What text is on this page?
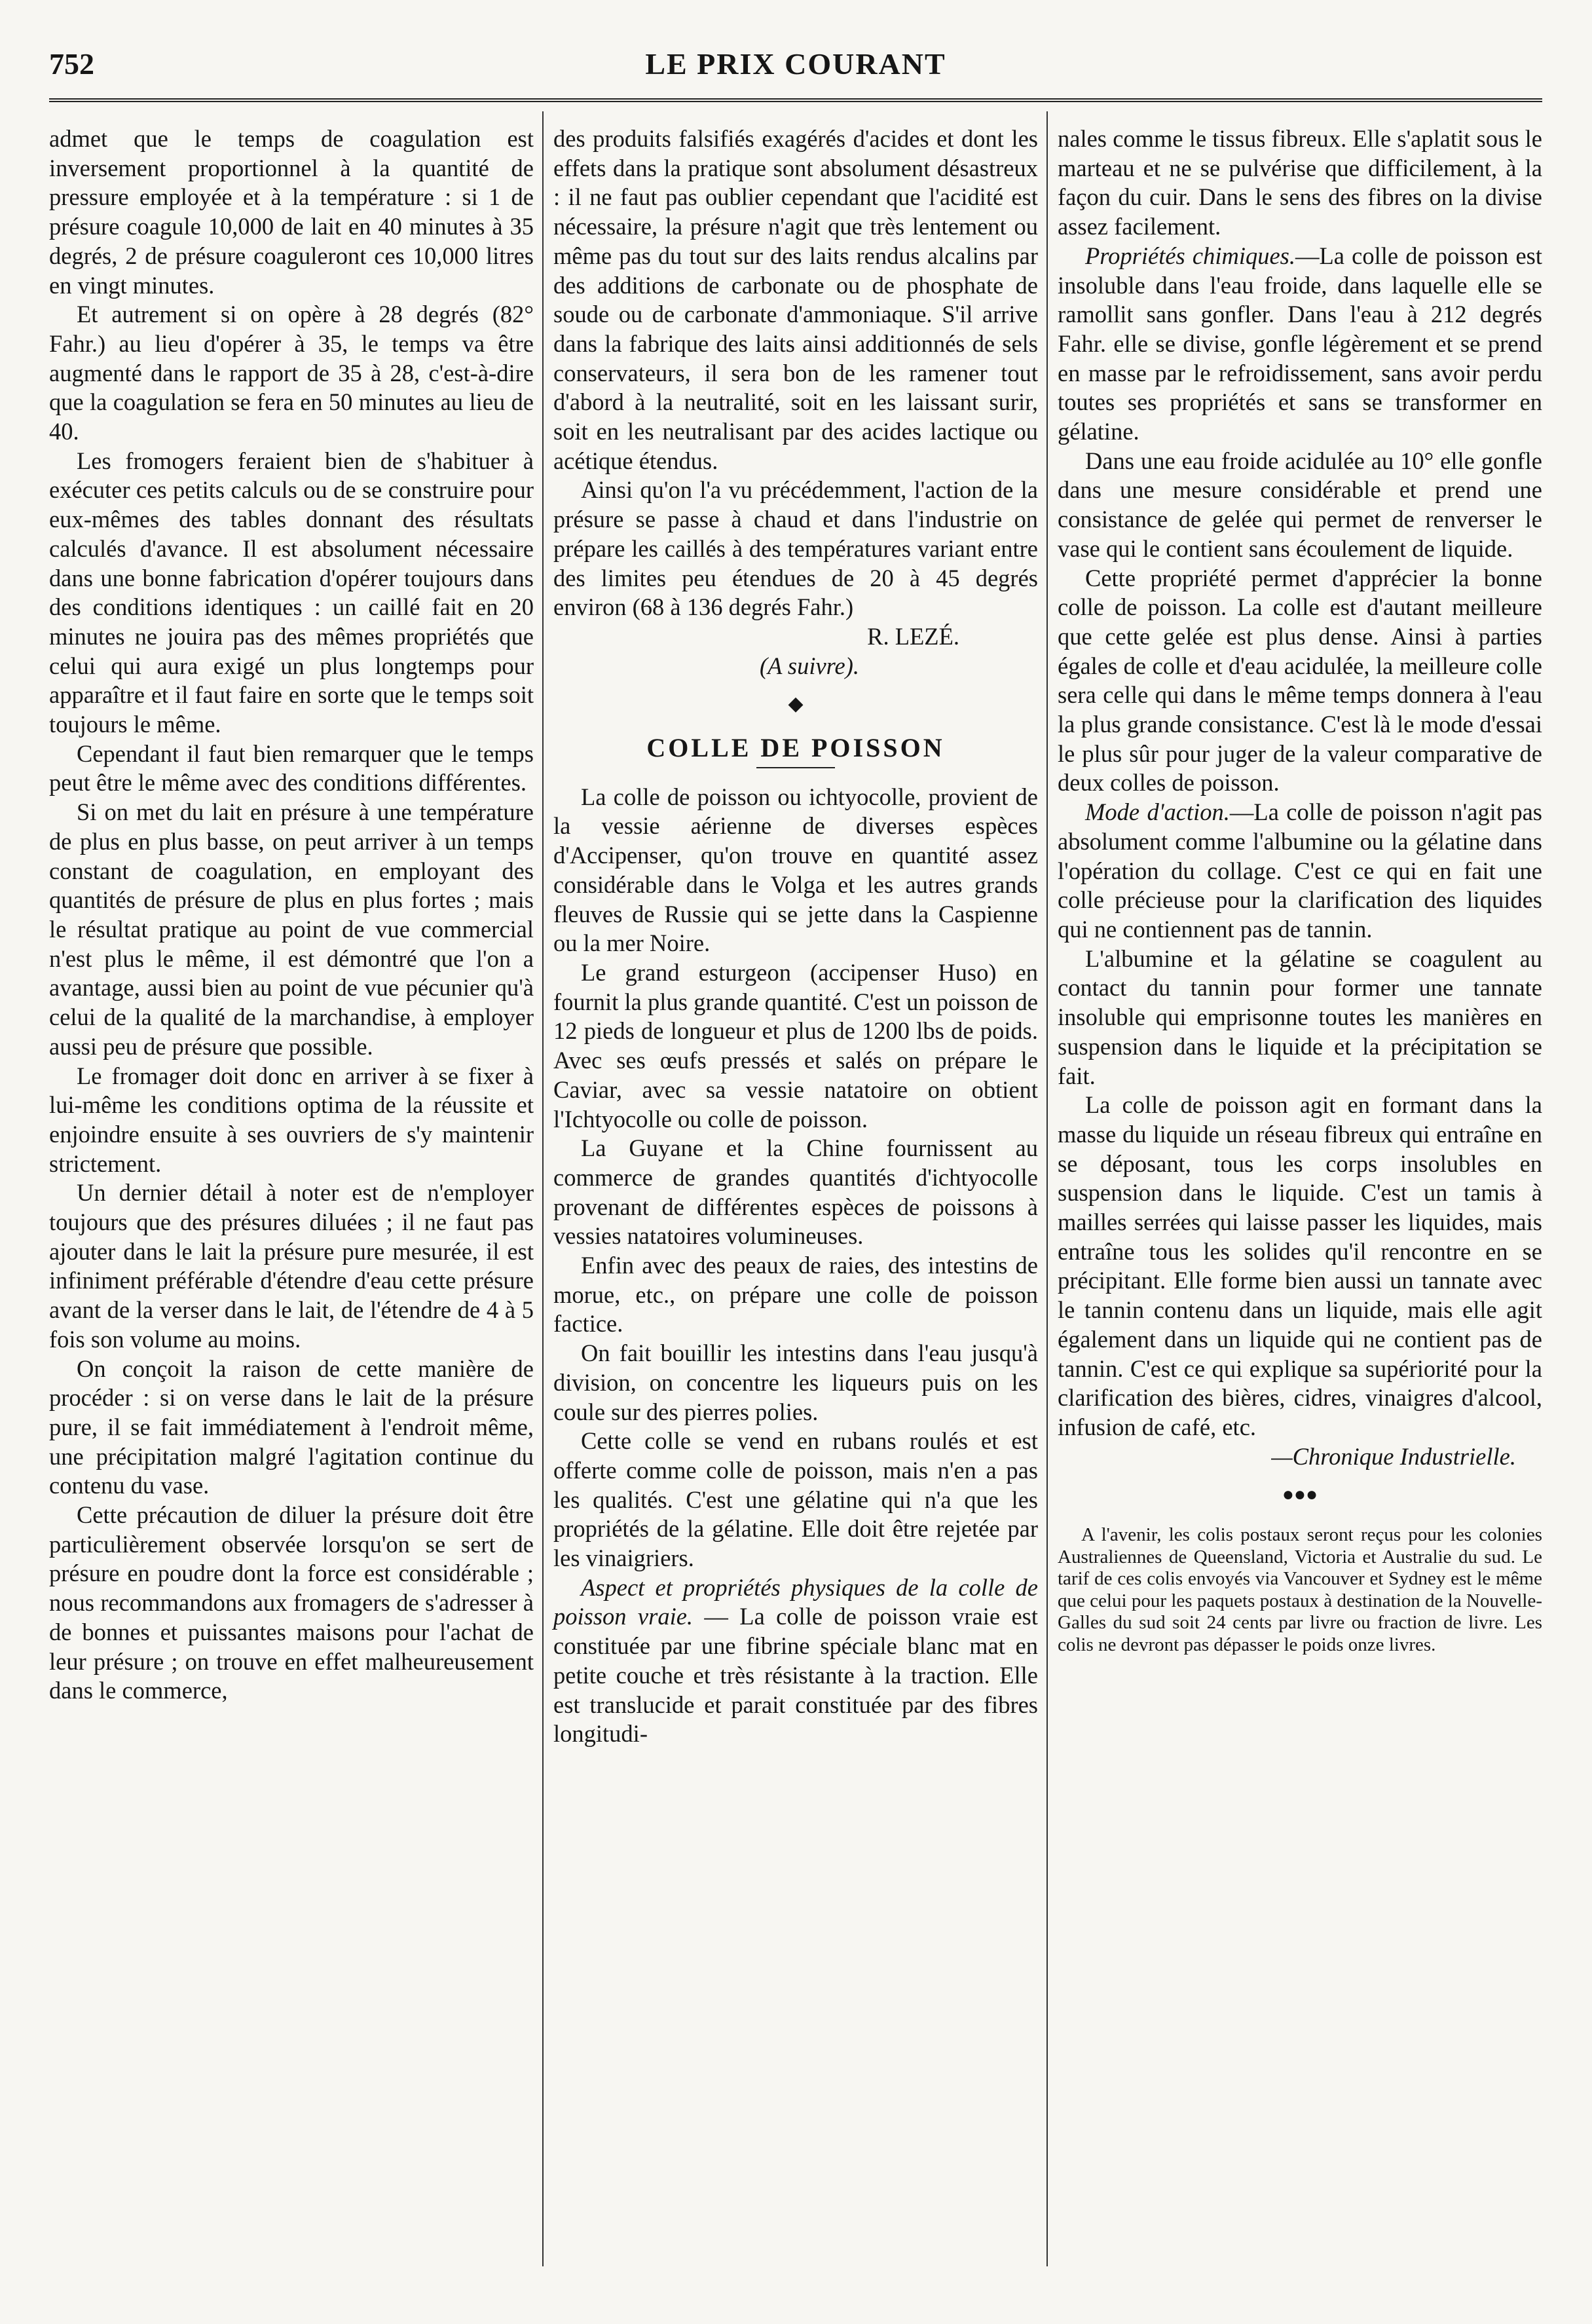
752	LE PRIX COURANT

admet que le temps de coagulation est inversement proportionnel à la quantité de pressure employée et à la température : si 1 de présure coagule 10,000 de lait en 40 minutes à 35 degrés, 2 de présure coaguleront ces 10,000 litres en vingt minutes.

Et autrement si on opère à 28 degrés (82° Fahr.) au lieu d'opérer à 35, le temps va être augmenté dans le rapport de 35 à 28, c'est-à-dire que la coagulation se fera en 50 minutes au lieu de 40.

Les fromogers feraient bien de s'habituer à exécuter ces petits calculs ou de se construire pour eux-mêmes des tables donnant des résultats calculés d'avance. Il est absolument nécessaire dans une bonne fabrication d'opérer toujours dans des conditions identiques : un caillé fait en 20 minutes ne jouira pas des mêmes propriétés que celui qui aura exigé un plus longtemps pour apparaître et il faut faire en sorte que le temps soit toujours le même.

Cependant il faut bien remarquer que le temps peut être le même avec des conditions différentes.

Si on met du lait en présure à une température de plus en plus basse, on peut arriver à un temps constant de coagulation, en employant des quantités de présure de plus en plus fortes ; mais le résultat pratique au point de vue commercial n'est plus le même, il est démontré que l'on a avantage, aussi bien au point de vue pécunier qu'à celui de la qualité de la marchandise, à employer aussi peu de présure que possible.

Le fromager doit donc en arriver à se fixer à lui-même les conditions optima de la réussite et enjoindre ensuite à ses ouvriers de s'y maintenir strictement.

Un dernier détail à noter est de n'employer toujours que des présures diluées ; il ne faut pas ajouter dans le lait la présure pure mesurée, il est infiniment préférable d'étendre d'eau cette présure avant de la verser dans le lait, de l'étendre de 4 à 5 fois son volume au moins.

On conçoit la raison de cette manière de procéder : si on verse dans le lait de la présure pure, il se fait immédiatement à l'endroit même, une précipitation malgré l'agitation continue du contenu du vase.

Cette précaution de diluer la présure doit être particulièrement observée lorsqu'on se sert de présure en poudre dont la force est considérable ; nous recommandons aux fromagers de s'adresser à de bonnes et puissantes maisons pour l'achat de leur présure ; on trouve en effet malheureusement dans le commerce,

des produits falsifiés exagérés d'acides et dont les effets dans la pratique sont absolument désastreux : il ne faut pas oublier cependant que l'acidité est nécessaire, la présure n'agit que très lentement ou même pas du tout sur des laits rendus alcalins par des additions de carbonate ou de phosphate de soude ou de carbonate d'ammoniaque. S'il arrive dans la fabrique des laits ainsi additionnés de sels conservateurs, il sera bon de les ramener tout d'abord à la neutralité, soit en les laissant surir, soit en les neutralisant par des acides lactique ou acétique étendus.

Ainsi qu'on l'a vu précédemment, l'action de la présure se passe à chaud et dans l'industrie on prépare les caillés à des températures variant entre des limites peu étendues de 20 à 45 degrés environ (68 à 136 degrés Fahr.)

R. LEZÉ.

(A suivre).

◆
COLLE DE POISSON

La colle de poisson ou ichtyocolle, provient de la vessie aérienne de diverses espèces d'Accipenser, qu'on trouve en quantité assez considérable dans le Volga et les autres grands fleuves de Russie qui se jette dans la Caspienne ou la mer Noire.

Le grand esturgeon (accipenser Huso) en fournit la plus grande quantité. C'est un poisson de 12 pieds de longueur et plus de 1200 lbs de poids. Avec ses œufs pressés et salés on prépare le Caviar, avec sa vessie natatoire on obtient l'Ichtyocolle ou colle de poisson.

La Guyane et la Chine fournissent au commerce de grandes quantités d'ichtyocolle provenant de différentes espèces de poissons à vessies natatoires volumineuses.

Enfin avec des peaux de raies, des intestins de morue, etc., on prépare une colle de poisson factice.

On fait bouillir les intestins dans l'eau jusqu'à division, on concentre les liqueurs puis on les coule sur des pierres polies.

Cette colle se vend en rubans roulés et est offerte comme colle de poisson, mais n'en a pas les qualités. C'est une gélatine qui n'a que les propriétés de la gélatine. Elle doit être rejetée par les vinaigriers.

Aspect et propriétés physiques de la colle de poisson vraie. — La colle de poisson vraie est constituée par une fibrine spéciale blanc mat en petite couche et très résistante à la traction. Elle est translucide et parait constituée par des fibres longitudi-

nales comme le tissus fibreux. Elle s'aplatit sous le marteau et ne se pulvérise que difficilement, à la façon du cuir. Dans le sens des fibres on la divise assez facilement.

Propriétés chimiques.—La colle de poisson est insoluble dans l'eau froide, dans laquelle elle se ramollit sans gonfler. Dans l'eau à 212 degrés Fahr. elle se divise, gonfle légèrement et se prend en masse par le refroidissement, sans avoir perdu toutes ses propriétés et sans se transformer en gélatine.

Dans une eau froide acidulée au 10° elle gonfle dans une mesure considérable et prend une consistance de gelée qui permet de renverser le vase qui le contient sans écoulement de liquide.

Cette propriété permet d'apprécier la bonne colle de poisson. La colle est d'autant meilleure que cette gelée est plus dense. Ainsi à parties égales de colle et d'eau acidulée, la meilleure colle sera celle qui dans le même temps donnera à l'eau la plus grande consistance. C'est là le mode d'essai le plus sûr pour juger de la valeur comparative de deux colles de poisson.

Mode d'action.—La colle de poisson n'agit pas absolument comme l'albumine ou la gélatine dans l'opération du collage. C'est ce qui en fait une colle précieuse pour la clarification des liquides qui ne contiennent pas de tannin.

L'albumine et la gélatine se coagulent au contact du tannin pour former une tannate insoluble qui emprisonne toutes les manières en suspension dans le liquide et la précipitation se fait.

La colle de poisson agit en formant dans la masse du liquide un réseau fibreux qui entraîne en se déposant, tous les corps insolubles en suspension dans le liquide. C'est un tamis à mailles serrées qui laisse passer les liquides, mais entraîne tous les solides qu'il rencontre en se précipitant. Elle forme bien aussi un tannate avec le tannin contenu dans un liquide, mais elle agit également dans un liquide qui ne contient pas de tannin. C'est ce qui explique sa supériorité pour la clarification des bières, cidres, vinaigres d'alcool, infusion de café, etc.

—Chronique Industrielle.

●●●

A l'avenir, les colis postaux seront reçus pour les colonies Australiennes de Queensland, Victoria et Australie du sud. Le tarif de ces colis envoyés via Vancouver et Sydney est le même que celui pour les paquets postaux à destination de la Nouvelle-Galles du sud soit 24 cents par livre ou fraction de livre. Les colis ne devront pas dépasser le poids onze livres.
